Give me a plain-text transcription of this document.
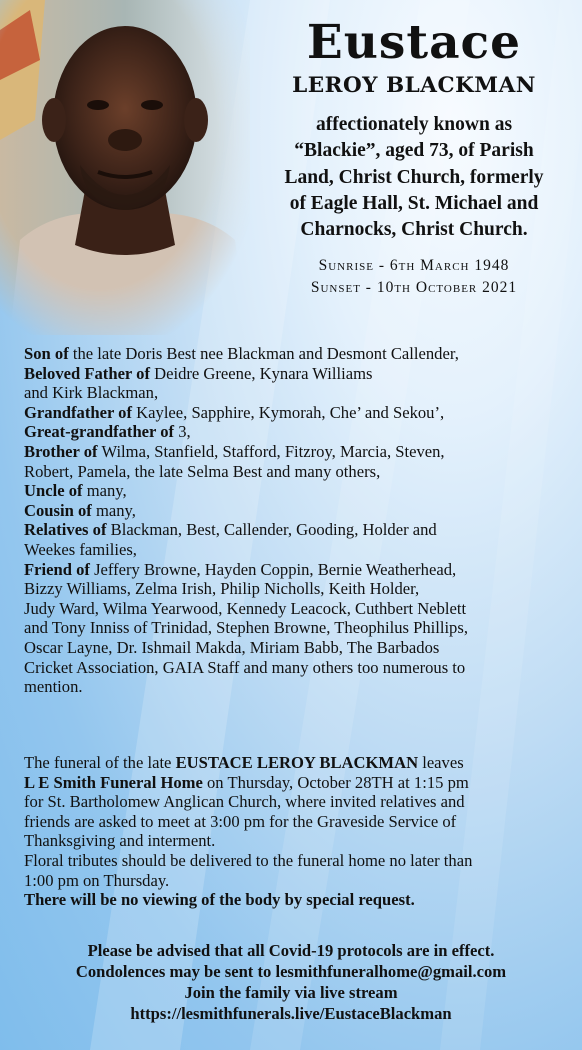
Eustace
LEROY BLACKMAN
affectionately known as
“Blackie”, aged 73, of Parish
Land, Christ Church, formerly
of Eagle Hall, St. Michael and
Charnocks, Christ Church.
Sunrise - 6th March 1948
Sunset - 10th October 2021
Son of the late Doris Best nee Blackman and Desmont Callender,
Beloved Father of Deidre Greene, Kynara Williams
and Kirk Blackman,
Grandfather of Kaylee, Sapphire, Kymorah, Che’ and Sekou’,
Great-grandfather of 3,
Brother of Wilma, Stanfield, Stafford, Fitzroy, Marcia, Steven,
Robert, Pamela, the late Selma Best and many others,
Uncle of many,
Cousin of many,
Relatives of Blackman, Best, Callender, Gooding, Holder and
Weekes families,
Friend of Jeffery Browne, Hayden Coppin, Bernie Weatherhead,
Bizzy Williams, Zelma Irish, Philip Nicholls, Keith Holder,
Judy Ward, Wilma Yearwood, Kennedy Leacock, Cuthbert Neblett
and Tony Inniss of Trinidad, Stephen Browne, Theophilus Phillips,
Oscar Layne, Dr. Ishmail Makda, Miriam Babb, The Barbados
Cricket Association, GAIA Staff and many others too numerous to
mention.
The funeral of the late EUSTACE LEROY BLACKMAN leaves
L E Smith Funeral Home on Thursday, October 28TH at 1:15 pm
for St. Bartholomew Anglican Church, where invited relatives and
friends are asked to meet at 3:00 pm for the Graveside Service of
Thanksgiving and interment.
Floral tributes should be delivered to the funeral home no later than
1:00 pm on Thursday.
There will be no viewing of the body by special request.
Please be advised that all Covid-19 protocols are in effect.
Condolences may be sent to lesmithfuneralhome@gmail.com
Join the family via live stream
https://lesmithfunerals.live/EustaceBlackman
